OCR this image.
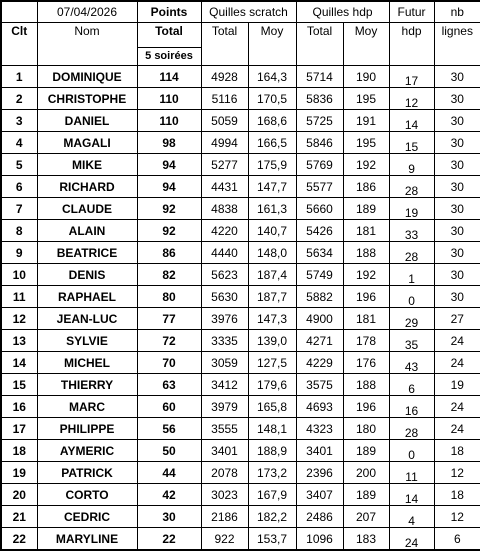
	07/04/2026	Points	Quilles scratch		Quilles hdp		Futur	nb
Clt	Nom	Total	Total	Moy	Total	Moy	hdp	lignes
		5 soirées						
1	DOMINIQUE	114	4928	164,3	5714	190	17	30
2	CHRISTOPHE	110	5116	170,5	5836	195	12	30
3	DANIEL	110	5059	168,6	5725	191	14	30
4	MAGALI	98	4994	166,5	5846	195	15	30
5	MIKE	94	5277	175,9	5769	192	9	30
6	RICHARD	94	4431	147,7	5577	186	28	30
7	CLAUDE	92	4838	161,3	5660	189	19	30
8	ALAIN	92	4220	140,7	5426	181	33	30
9	BEATRICE	86	4440	148,0	5634	188	28	30
10	DENIS	82	5623	187,4	5749	192	1	30
11	RAPHAEL	80	5630	187,7	5882	196	0	30
12	JEAN-LUC	77	3976	147,3	4900	181	29	27
13	SYLVIE	72	3335	139,0	4271	178	35	24
14	MICHEL	70	3059	127,5	4229	176	43	24
15	THIERRY	63	3412	179,6	3575	188	6	19
16	MARC	60	3979	165,8	4693	196	16	24
17	PHILIPPE	56	3555	148,1	4323	180	28	24
18	AYMERIC	50	3401	188,9	3401	189	0	18
19	PATRICK	44	2078	173,2	2396	200	11	12
20	CORTO	42	3023	167,9	3407	189	14	18
21	CEDRIC	30	2186	182,2	2486	207	4	12
22	MARYLINE	22	922	153,7	1096	183	24	6
